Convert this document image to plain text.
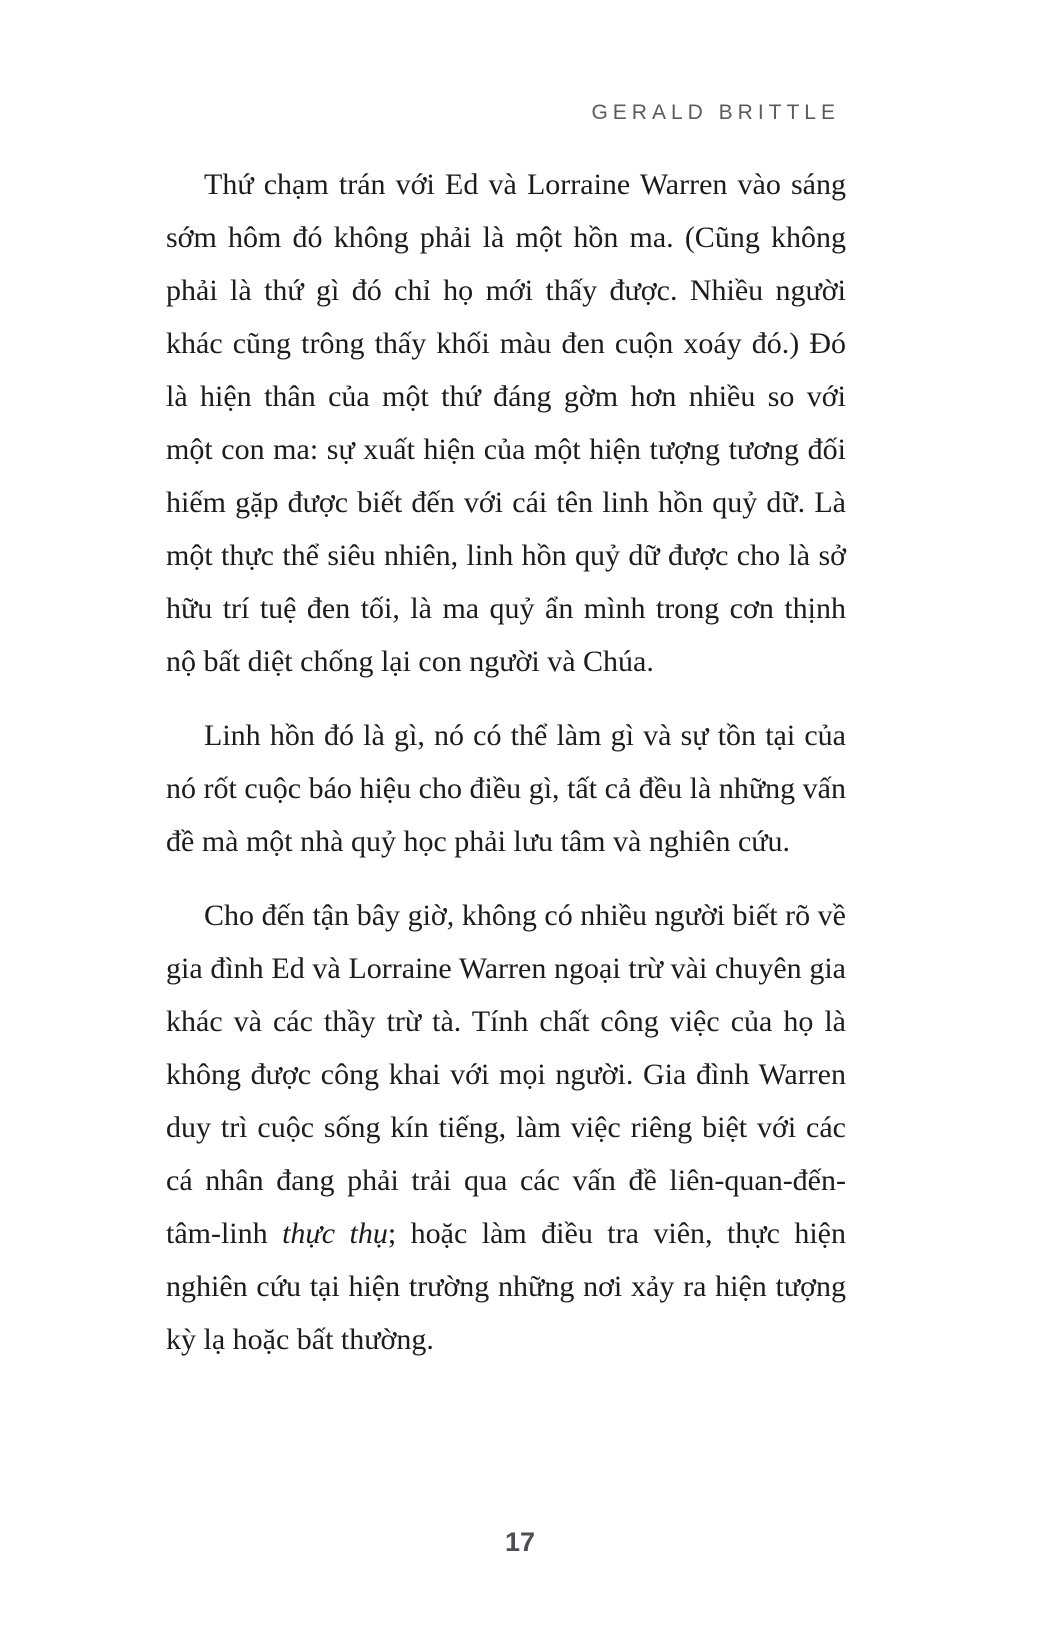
GERALD BRITTLE

Thứ chạm trán với Ed và Lorraine Warren vào sáng sớm hôm đó không phải là một hồn ma. (Cũng không phải là thứ gì đó chỉ họ mới thấy được. Nhiều người khác cũng trông thấy khối màu đen cuộn xoáy đó.) Đó là hiện thân của một thứ đáng gờm hơn nhiều so với một con ma: sự xuất hiện của một hiện tượng tương đối hiếm gặp được biết đến với cái tên linh hồn quỷ dữ. Là một thực thể siêu nhiên, linh hồn quỷ dữ được cho là sở hữu trí tuệ đen tối, là ma quỷ ẩn mình trong cơn thịnh nộ bất diệt chống lại con người và Chúa.

Linh hồn đó là gì, nó có thể làm gì và sự tồn tại của nó rốt cuộc báo hiệu cho điều gì, tất cả đều là những vấn đề mà một nhà quỷ học phải lưu tâm và nghiên cứu.

Cho đến tận bây giờ, không có nhiều người biết rõ về gia đình Ed và Lorraine Warren ngoại trừ vài chuyên gia khác và các thầy trừ tà. Tính chất công việc của họ là không được công khai với mọi người. Gia đình Warren duy trì cuộc sống kín tiếng, làm việc riêng biệt với các cá nhân đang phải trải qua các vấn đề liên-quan-đến-tâm-linh thực thụ; hoặc làm điều tra viên, thực hiện nghiên cứu tại hiện trường những nơi xảy ra hiện tượng kỳ lạ hoặc bất thường.

17
